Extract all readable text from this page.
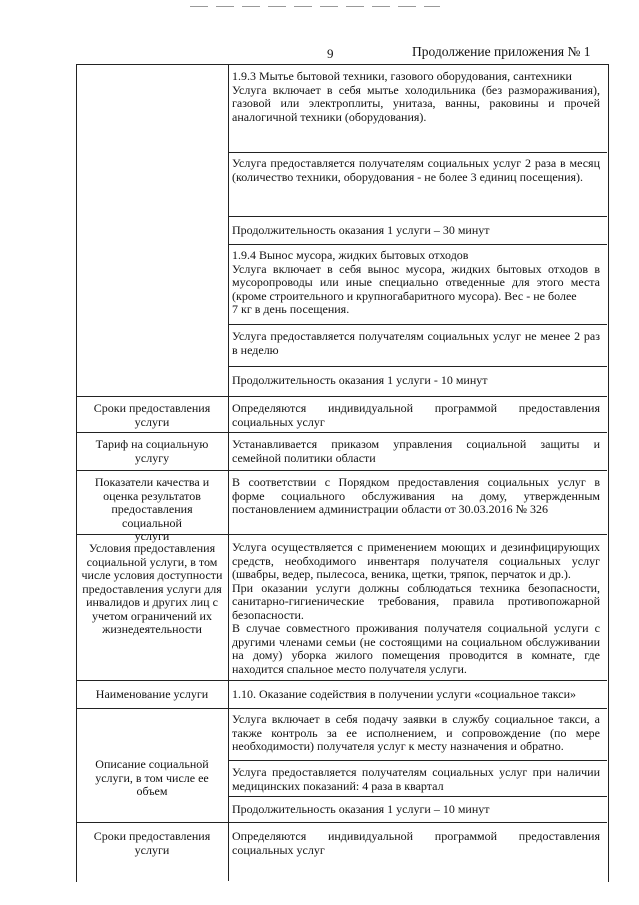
9	Продолжение приложения № 1
1.9.3 Мытье бытовой техники, газового оборудования, сантехники
Услуга включает в себя мытье холодильника (без размораживания),
газовой или электроплиты, унитаза, ванны, раковины и прочей
аналогичной техники (оборудования).
Услуга предоставляется получателям социальных услуг 2 раза в месяц
(количество техники, оборудования - не более 3 единиц посещения).
Продолжительность оказания 1 услуги – 30 минут
1.9.4 Вынос мусора, жидких бытовых отходов
Услуга включает в себя вынос мусора, жидких бытовых отходов в
мусоропроводы или иные специально отведенные для этого места
(кроме строительного и крупногабаритного мусора). Вес - не более
7 кг в день посещения.
Услуга предоставляется получателям социальных услуг не менее 2 раз
в неделю
Продолжительность оказания 1 услуги - 10 минут
Сроки предоставления
услуги
Определяются индивидуальной программой предоставления
социальных услуг
Тариф на социальную
услугу
Устанавливается приказом управления социальной защиты и
семейной политики области
Показатели качества и
оценка результатов
предоставления социальной
услуги
В соответствии с Порядком предоставления социальных услуг в
форме социального обслуживания на дому, утвержденным
постановлением администрации области от 30.03.2016 № 326
Условия предоставления
социальной услуги, в том
числе условия доступности
предоставления услуги для
инвалидов и других лиц с
учетом ограничений их
жизнедеятельности
Услуга осуществляется с применением моющих и дезинфицирующих
средств, необходимого инвентаря получателя социальных услуг
(швабры, ведер, пылесоса, веника, щетки, тряпок, перчаток и др.).
При оказании услуги должны соблюдаться техника безопасности,
санитарно-гигиенические требования, правила противопожарной
безопасности.
В случае совместного проживания получателя социальной услуги с
другими членами семьи (не состоящими на социальном обслуживании
на дому) уборка жилого помещения проводится в комнате, где
находится спальное место получателя услуги.
Наименование услуги	1.10. Оказание содействия в получении услуги «социальное такси»
Описание социальной
услуги, в том числе ее объем
Услуга включает в себя подачу заявки в службу социальное такси, а
также контроль за ее исполнением, и сопровождение (по мере
необходимости) получателя услуг к месту назначения и обратно.
Услуга предоставляется получателям социальных услуг при наличии
медицинских показаний: 4 раза в квартал
Продолжительность оказания 1 услуги – 10 минут
Сроки предоставления
услуги
Определяются индивидуальной программой предоставления
социальных услуг
